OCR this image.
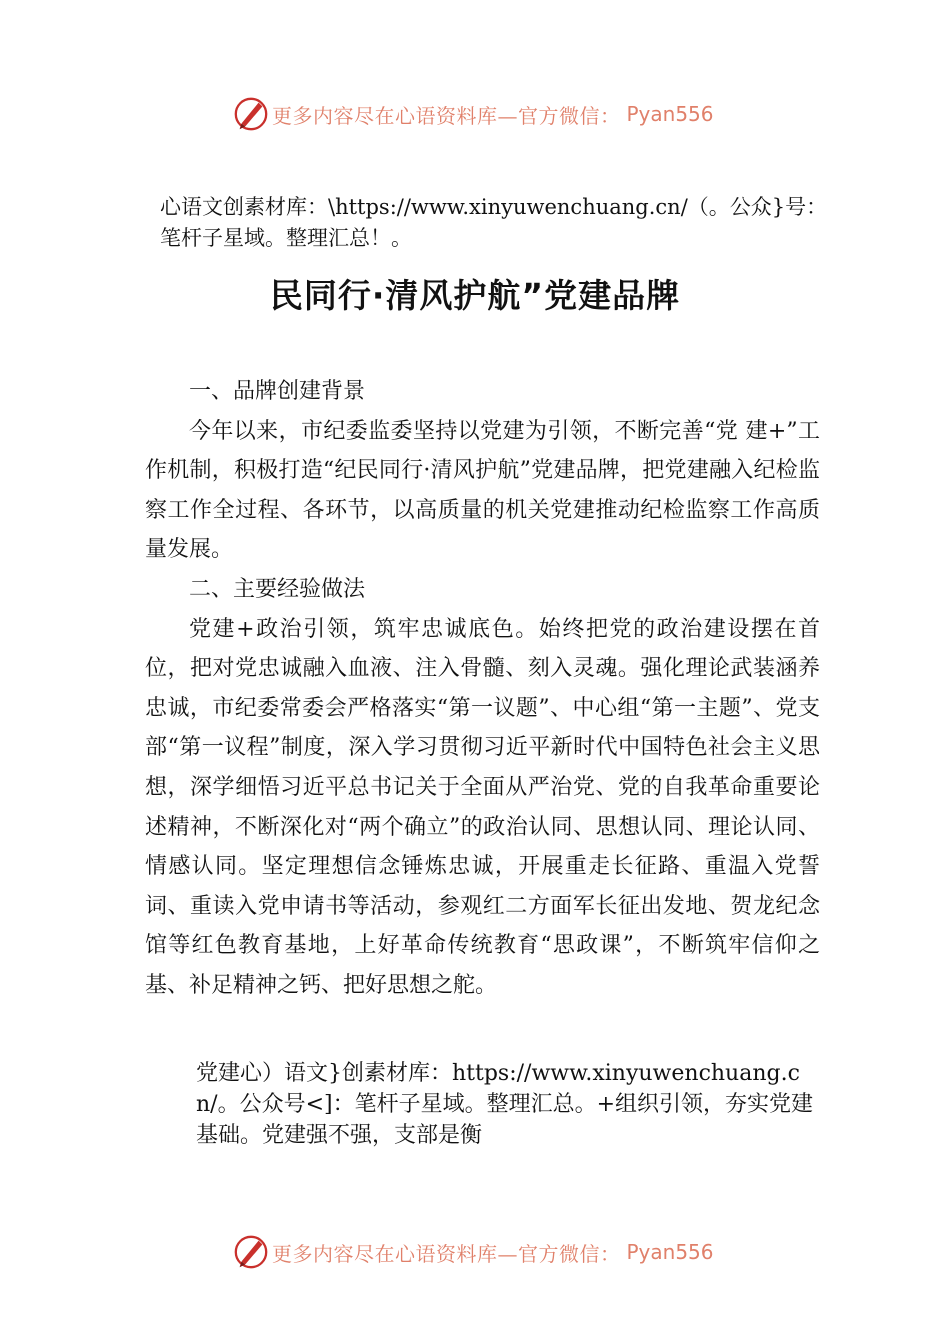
更多内容尽在心语资料库—官方微信： Pyan556
心语文创素材库：\https://www.xinyuwenchuang.cn/（。公众}号：笔杆子星域。整理汇总！。
民同行·清风护航”党建品牌
一、品牌创建背景

今年以来，市纪委监委坚持以党建为引领，不断完善“党 建+”工作机制，积极打造“纪民同行·清风护航”党建品牌，把党建融入纪检监察工作全过程、各环节，以高质量的机关党建推动纪检监察工作高质量发展。

二、主要经验做法

党建+政治引领，筑牢忠诚底色。始终把党的政治建设摆在首位，把对党忠诚融入血液、注入骨髓、刻入灵魂。强化理论武装涵养忠诚，市纪委常委会严格落实“第一议题”、中心组“第一主题”、党支部“第一议程”制度，深入学习贯彻习近平新时代中国特色社会主义思想，深学细悟习近平总书记关于全面从严治党、党的自我革命重要论述精神，不断深化对“两个确立”的政治认同、思想认同、理论认同、情感认同。坚定理想信念锤炼忠诚，开展重走长征路、重温入党誓词、重读入党申请书等活动，参观红二方面军长征出发地、贺龙纪念馆等红色教育基地，上好革命传统教育“思政课”，不断筑牢信仰之基、补足精神之钙、把好思想之舵。

党建心）语文}创素材库：https://www.xinyuwenchuang.cn/。公众号<]：笔杆子星域。整理汇总。+组织引领，夯实党建基础。党建强不强，支部是衡
更多内容尽在心语资料库—官方微信： Pyan556
